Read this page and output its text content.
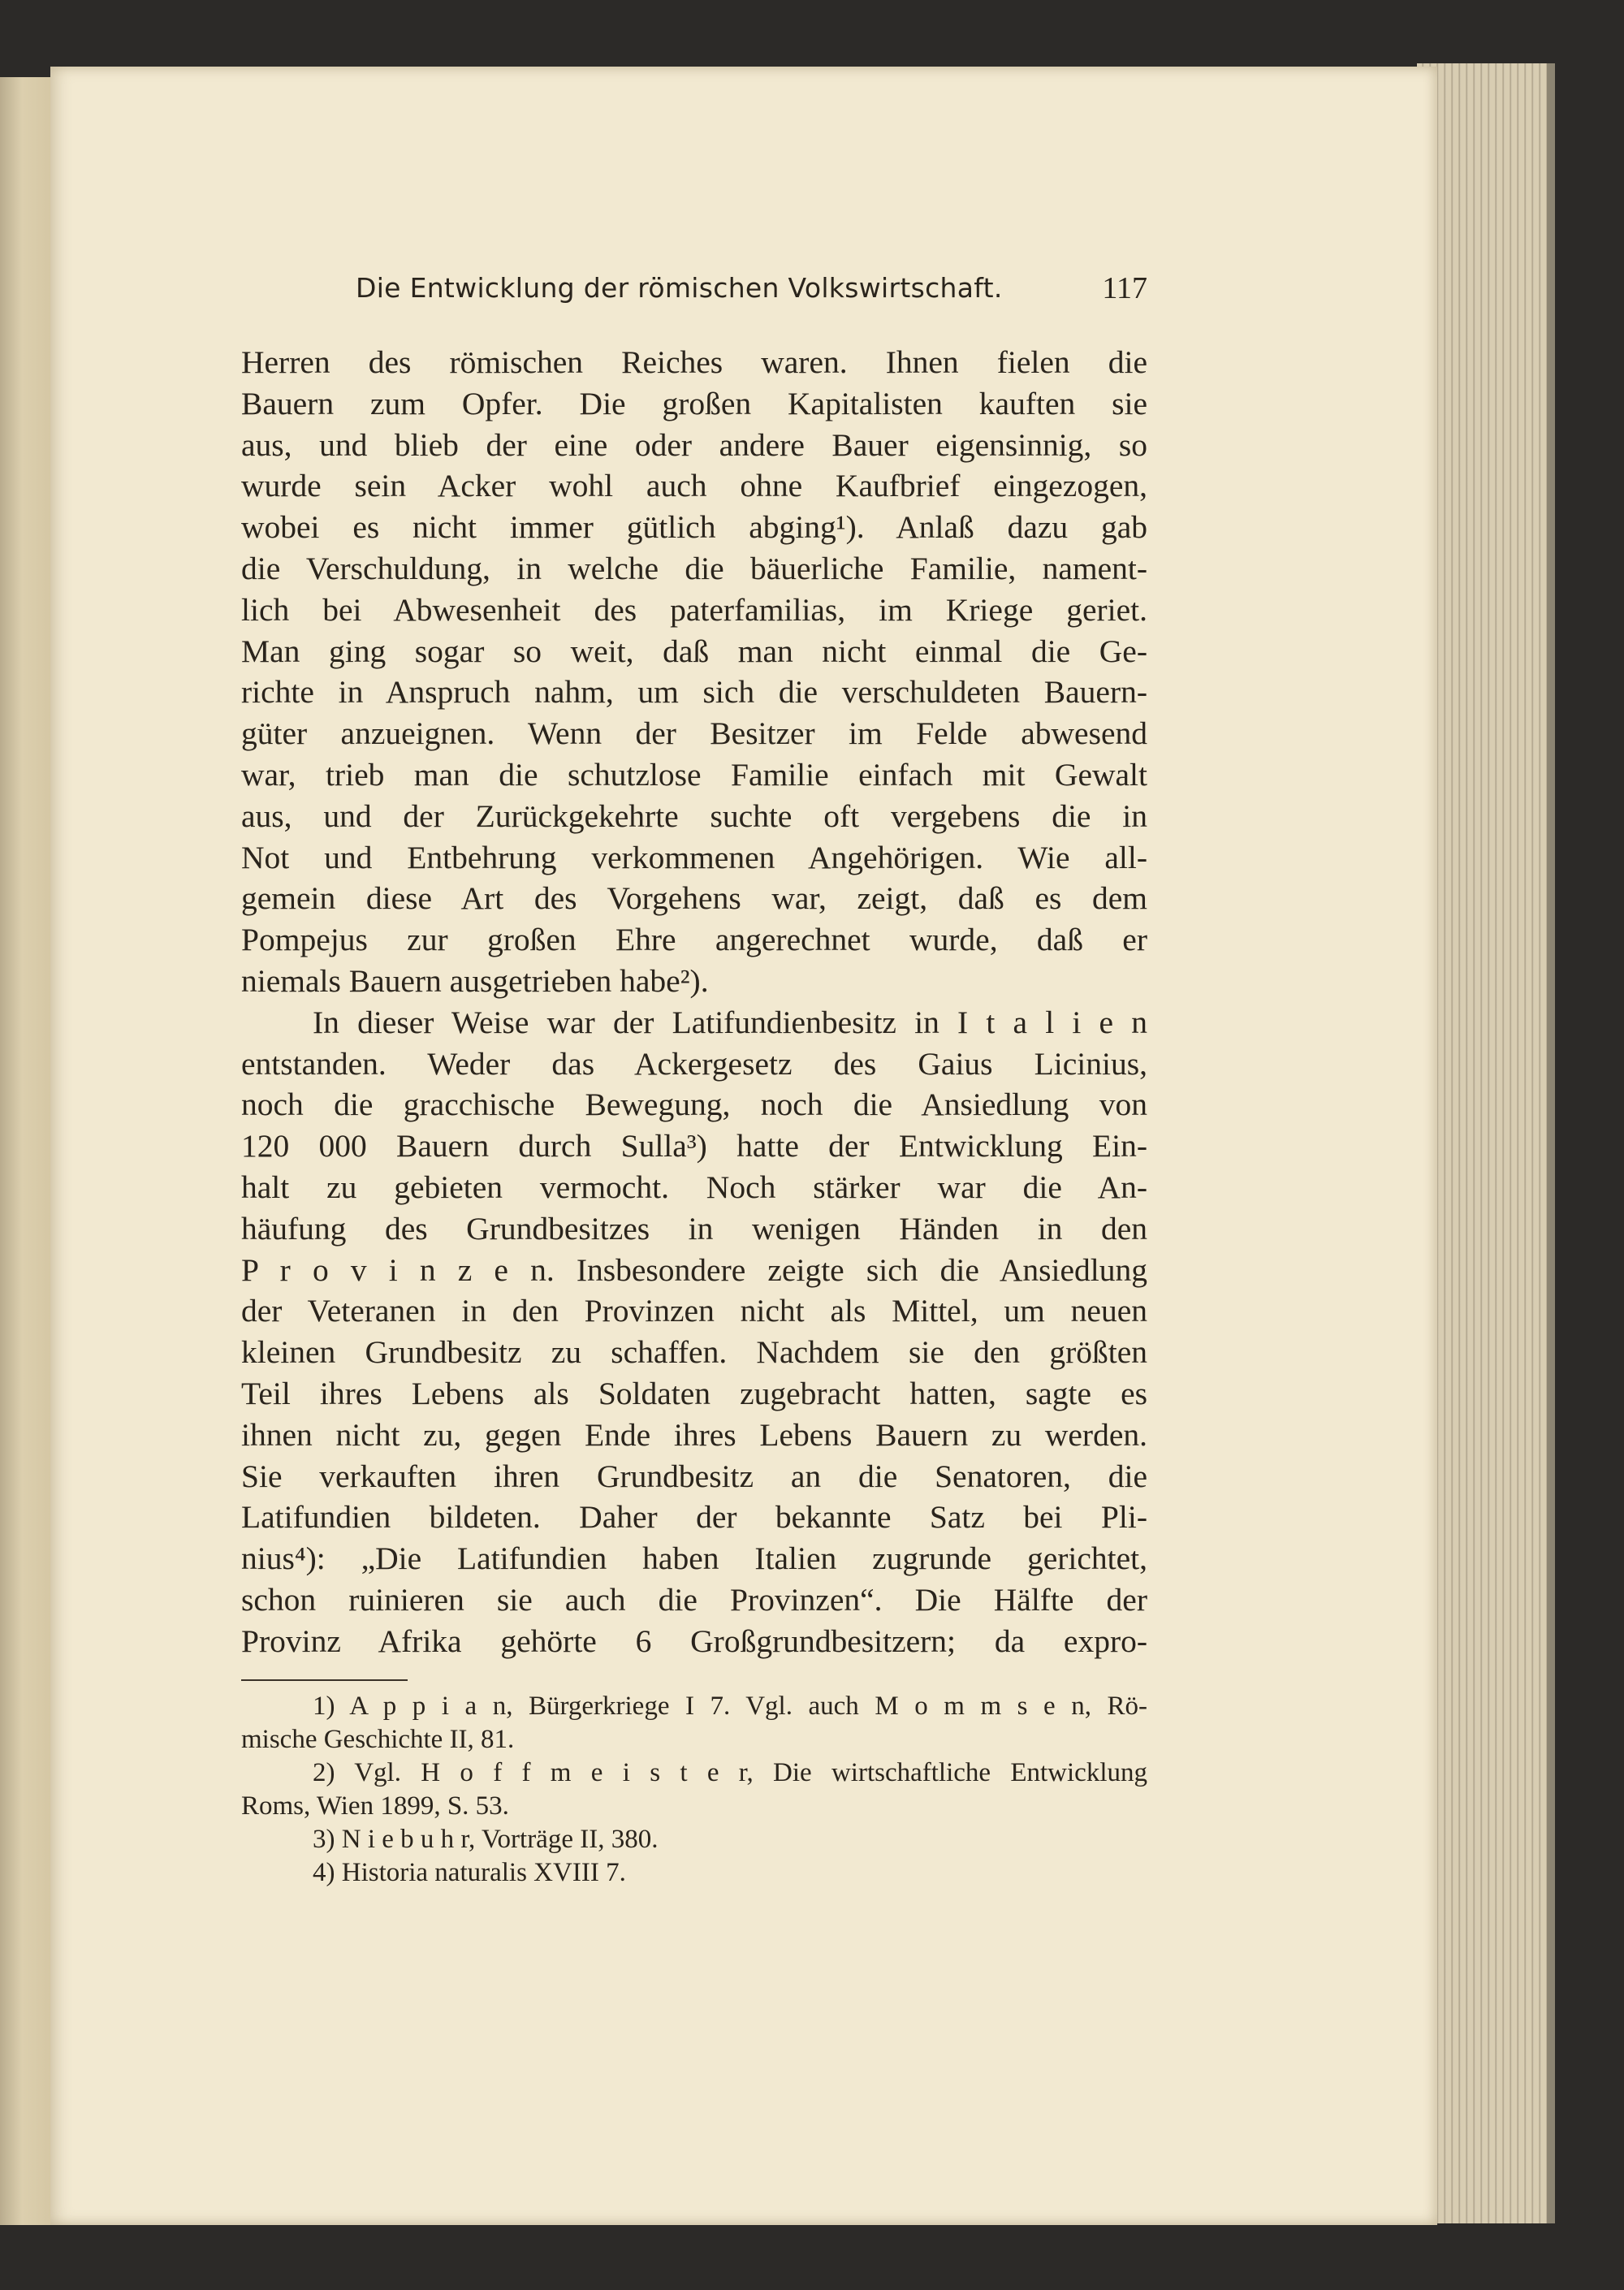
Die Entwicklung der römischen Volkswirtschaft.	117
Herren des römischen Reiches waren. Ihnen fielen die
Bauern zum Opfer. Die großen Kapitalisten kauften sie
aus, und blieb der eine oder andere Bauer eigensinnig, so
wurde sein Acker wohl auch ohne Kaufbrief eingezogen,
wobei es nicht immer gütlich abging¹). Anlaß dazu gab
die Verschuldung, in welche die bäuerliche Familie, nament-
lich bei Abwesenheit des paterfamilias, im Kriege geriet.
Man ging sogar so weit, daß man nicht einmal die Ge-
richte in Anspruch nahm, um sich die verschuldeten Bauern-
güter anzueignen. Wenn der Besitzer im Felde abwesend
war, trieb man die schutzlose Familie einfach mit Gewalt
aus, und der Zurückgekehrte suchte oft vergebens die in
Not und Entbehrung verkommenen Angehörigen. Wie all-
gemein diese Art des Vorgehens war, zeigt, daß es dem
Pompejus zur großen Ehre angerechnet wurde, daß er
niemals Bauern ausgetrieben habe²).
In dieser Weise war der Latifundienbesitz in I t a l i e n
entstanden. Weder das Ackergesetz des Gaius Licinius,
noch die gracchische Bewegung, noch die Ansiedlung von
120 000 Bauern durch Sulla³) hatte der Entwicklung Ein-
halt zu gebieten vermocht. Noch stärker war die An-
häufung des Grundbesitzes in wenigen Händen in den
P r o v i n z e n. Insbesondere zeigte sich die Ansiedlung
der Veteranen in den Provinzen nicht als Mittel, um neuen
kleinen Grundbesitz zu schaffen. Nachdem sie den größten
Teil ihres Lebens als Soldaten zugebracht hatten, sagte es
ihnen nicht zu, gegen Ende ihres Lebens Bauern zu werden.
Sie verkauften ihren Grundbesitz an die Senatoren, die
Latifundien bildeten. Daher der bekannte Satz bei Pli-
nius⁴): „Die Latifundien haben Italien zugrunde gerichtet,
schon ruinieren sie auch die Provinzen“. Die Hälfte der
Provinz Afrika gehörte 6 Großgrundbesitzern; da expro-
1) A p p i a n, Bürgerkriege I 7. Vgl. auch M o m m s e n, Rö-
mische Geschichte II, 81.
2) Vgl. H o f f m e i s t e r, Die wirtschaftliche Entwicklung
Roms, Wien 1899, S. 53.
3) N i e b u h r, Vorträge II, 380.
4) Historia naturalis XVIII 7.
